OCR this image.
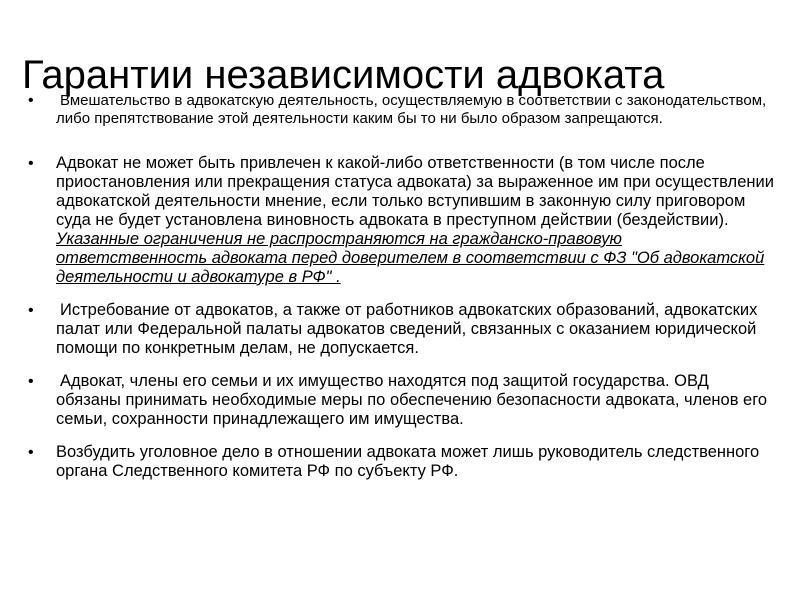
Гарантии независимости адвоката
• Вмешательство в адвокатскую деятельность, осуществляемую в соответствии с законодательством, либо препятствование этой деятельности каким бы то ни было образом запрещаются.
• Адвокат не может быть привлечен к какой-либо ответственности (в том числе после приостановления или прекращения статуса адвоката) за выраженное им при осуществлении адвокатской деятельности мнение, если только вступившим в законную силу приговором суда не будет установлена виновность адвоката в преступном действии (бездействии). Указанные ограничения не распространяются на гражданско-правовую ответственность адвоката перед доверителем в соответствии с ФЗ "Об адвокатской деятельности и адвокатуре в РФ" .
• Истребование от адвокатов, а также от работников адвокатских образований, адвокатских палат или Федеральной палаты адвокатов сведений, связанных с оказанием юридической помощи по конкретным делам, не допускается.
• Адвокат, члены его семьи и их имущество находятся под защитой государства. ОВД обязаны принимать необходимые меры по обеспечению безопасности адвоката, членов его семьи, сохранности принадлежащего им имущества.
• Возбудить уголовное дело в отношении адвоката может лишь руководитель следственного органа Следственного комитета РФ по субъекту РФ.
